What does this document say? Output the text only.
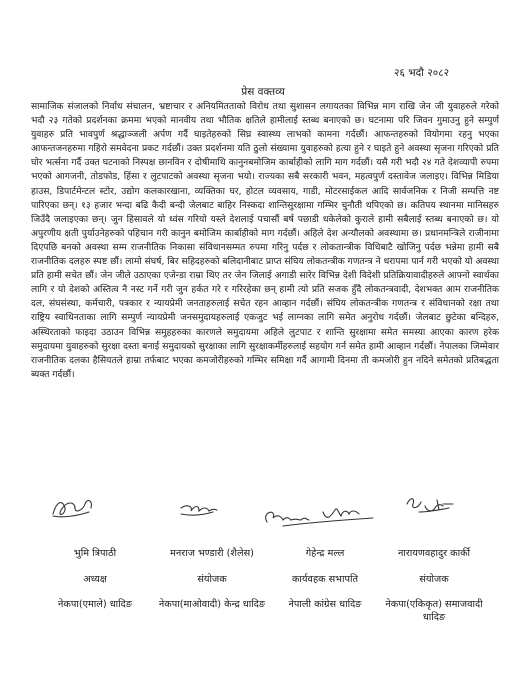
२६ भदौ २०८२
प्रेस वक्तव्य

सामाजिक संजालको निर्वाध संचालन, भ्रष्टाचार र अनियमितताको विरोध तथा सुशासन लगायतका विभिन्न माग राखि जेन जी युवाहरुले गरेको भदौ २३ गतेको प्रदर्शनका क्रममा भएको मानवीय तथा भौतिक क्षतिले हामीलाई स्तब्ध बनाएको छ। घटनामा परि जिवन गुमाउनु हुने सम्पुर्ण युवाहरु प्रति भावपुर्ण श्रद्धाञ्जली अर्पण गर्दै घाइतेहरुको सिघ्र स्वास्थ्य लाभको कामना गर्दछौं। आफन्तहरुको वियोगमा रहनु भएका आफन्तजनहरुमा गहिरो समवेदना प्रकट गर्दछौं। उक्त प्रदर्शनमा यति ठुलो संख्यामा युवाहरुको हत्या हुने र घाइते हुने अवस्था सृजना गरिएको प्रति घोर भर्त्सना गर्दै उक्त घटनाको निस्पक्ष छानविन र दोषीमाथि कानुनबमोजिम कार्बाहीको लागि माग गर्दछौं। यसै गरी भदौ २४ गते देशव्यापी रुपमा भएको आगजनी, तोडफोड, हिंसा र लुटपाटको अवस्था सृजना भयो। राज्यका सबै सरकारी भवन, महत्वपुर्ण दस्तावेज जलाइए। विभिन्न मिडिया हाउस, डिपार्टमेन्टल स्टोर, उद्योग कलकारखाना, व्यक्तिका घर, होटल व्यवसाय, गाडी, मोटरसाईकल आदि सार्वजनिक र निजी सम्पत्ति नष्ट पारिएका छन्। १३ हजार भन्दा बढि कैदी बन्दी जेलबाट बाहिर निस्कदा शान्तिसुरक्षामा गम्भिर चुनौती थपिएको छ। कतिपय स्थानमा मानिसहरु जिउँदै जलाइएका छन्। जुन हिसावले यो ध्वंस गरियो यस्ले देशलाई पचासौं बर्ष पछाडी धकेलेको कुराले हामी सबैलाई स्तब्ध बनाएको छ। यो अपुरणीय क्षती पुर्याउनेहरुको पहिचान गरी कानुन बमोजिम कार्बाहीको माग गर्दछौं। अहिले देश अन्यौलको अवस्थामा छ। प्रधानमन्त्रिले राजीनामा दिएपछि बनको अवस्था सम्म राजनीतिक निकासा संविधानसम्मत रुपमा गरिनु पर्दछ र लोकतान्त्रीक विधिबाटै खोजिनु पर्दछ भन्नेमा हामी सबै राजनीतिक दलहरु स्पष्ट छौं। लामो संघर्ष, बिर सहिदहरुको बलिदानीबाट प्राप्त संघिय लोकतन्त्रीक गणतन्त्र ने धरापमा पार्न गरी भएको यो अवस्था प्रति हामी सचेत छौं। जेन जीले उठाएका एजेन्डा राम्रा थिए तर जेन जिलाई अगाडी सारेर विभिन्न देशी विदेशी प्रतिक्रियावादीहरुले आफ्नो स्वार्थका लागि र यो देशको अस्तित्व नै नस्ट गर्ने गरी जुन हर्कत गरे र गरिरहेका छन् हामी त्यो प्रति सजक हुँदै लोकतन्त्रवादी, देशभक्त आम राजनीतिक दल, संघसंस्था, कर्मचारी, पत्रकार र न्यायप्रेमी जनताहरुलाई सचेत रहन आव्हान गर्दछौं। संघिय लोकतन्त्रीक गणतन्त्र र संविधानको रक्षा तथा राष्ट्रिय स्वाधिनताका लागि सम्पुर्ण न्यायप्रेमी जनसमुदायहरुलाई एकजुट भई लाग्नका लागि समेत अनुरोध गर्दछौं। जेलबाट छुटेका बन्दिहरु, अस्थिरताको फाइदा उठाउन विभिन्न समुहहरुका कारणले समुदायमा अहिले लुटपाट र शान्ति सुरक्षामा समेत समस्या आएका कारण हरेक समुदायमा युवाहरुको सुरक्षा दस्ता बनाई समुदायको सुरक्षाका लागि सुरक्षाकर्मीहरुलाई सहयोग गर्न समेत हामी आव्हान गर्दछौं। नेपालका जिम्मेवार राजनीतिक दलका हैसियतले हाम्रा तर्फबाट भएका कमजोरीहरुको गम्भिर समिक्षा गर्दै आगामी दिनमा ती कमजोरी हुन नदिने समेतको प्रतिबद्धता ब्यक्त गर्दछौं।

भुमि त्रिपाठी	मनराज भण्डारी (शैलेस)	गेहेन्द्र मल्ल	नारायणवहादुर कार्की
अध्यक्ष	संयोजक	कार्यवहक सभापति	संयोजक
नेकपा(एमाले) धादिङ	नेकपा(माओवादी) केन्द्र धादिङ	नेपाली कांग्रेस धादिङ	नेकपा(एकिकृत) समाजवादी धादिङ
